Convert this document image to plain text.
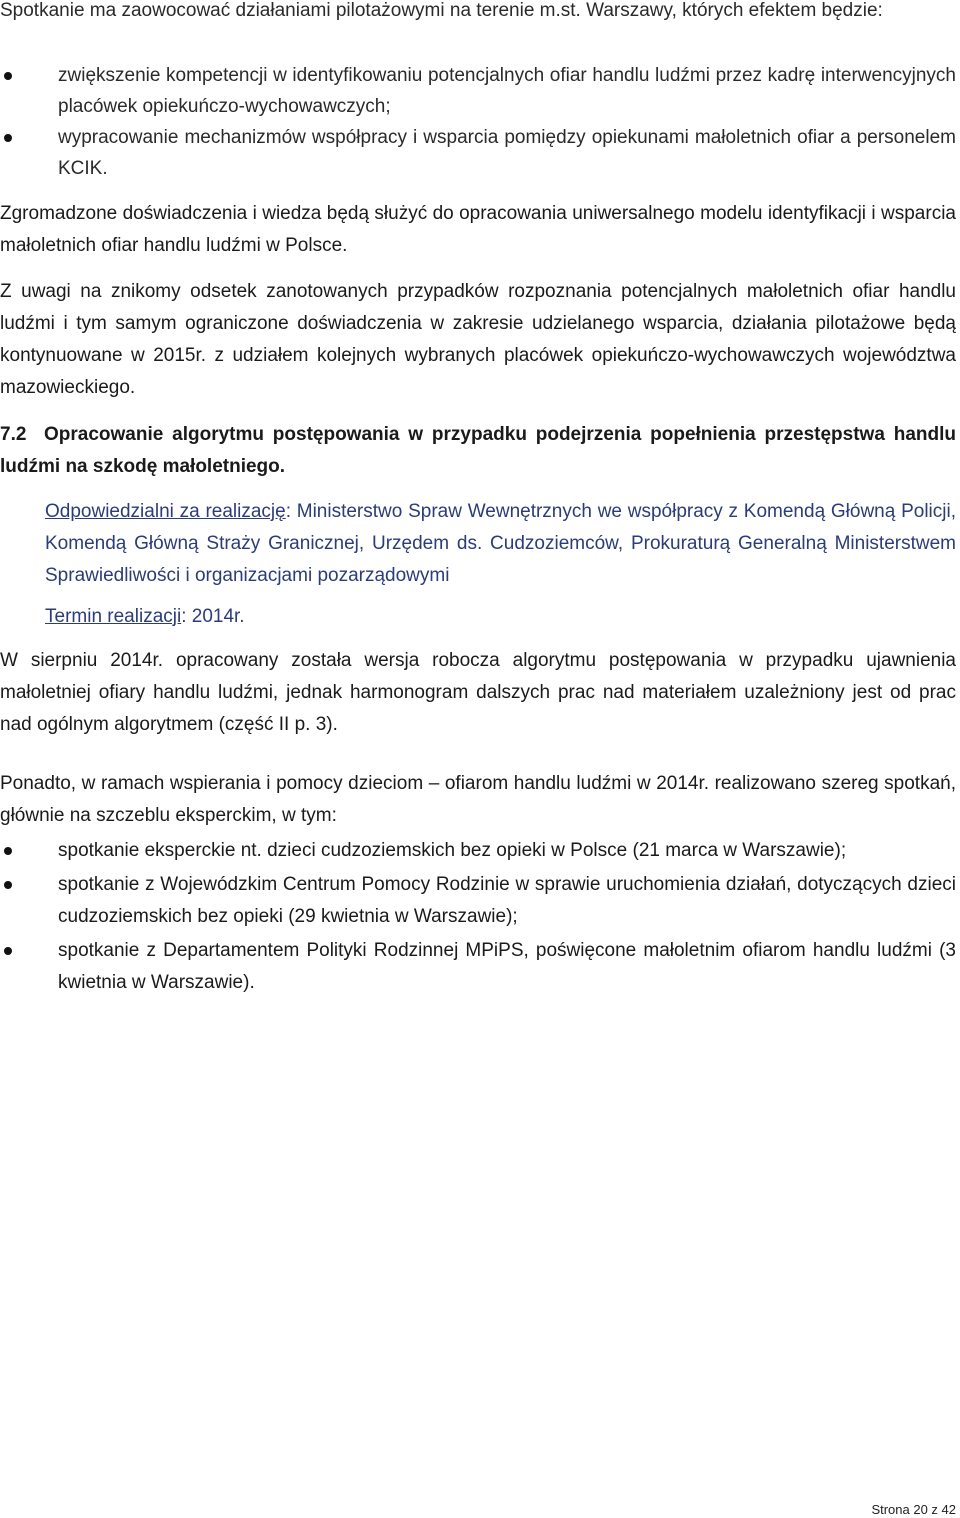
Spotkanie ma zaowocować działaniami pilotażowymi na terenie m.st. Warszawy, których efektem będzie:
zwiększenie kompetencji w identyfikowaniu potencjalnych ofiar handlu ludźmi przez kadrę interwencyjnych placówek opiekuńczo-wychowawczych;
wypracowanie mechanizmów współpracy i wsparcia pomiędzy opiekunami małoletnich ofiar a personelem KCIK.

Zgromadzone doświadczenia i wiedza będą służyć do opracowania uniwersalnego modelu identyfikacji i wsparcia małoletnich ofiar handlu ludźmi w Polsce.

Z uwagi na znikomy odsetek zanotowanych przypadków rozpoznania potencjalnych małoletnich ofiar handlu ludźmi i tym samym ograniczone doświadczenia w zakresie udzielanego wsparcia, działania pilotażowe będą kontynuowane w 2015r. z udziałem kolejnych wybranych placówek opiekuńczo-wychowawczych województwa mazowieckiego.

7.2 Opracowanie algorytmu postępowania w przypadku podejrzenia popełnienia przestępstwa handlu ludźmi na szkodę małoletniego.
Odpowiedzialni za realizację: Ministerstwo Spraw Wewnętrznych we współpracy z Komendą Główną Policji, Komendą Główną Straży Granicznej, Urzędem ds. Cudzoziemców, Prokuraturą Generalną Ministerstwem Sprawiedliwości i organizacjami pozarządowymi
Termin realizacji: 2014r.

W sierpniu 2014r. opracowany została wersja robocza algorytmu postępowania w przypadku ujawnienia małoletniej ofiary handlu ludźmi, jednak harmonogram dalszych prac nad materiałem uzależniony jest od prac nad ogólnym algorytmem (część II p. 3).

Ponadto, w ramach wspierania i pomocy dzieciom – ofiarom handlu ludźmi w 2014r. realizowano szereg spotkań, głównie na szczeblu eksperckim, w tym:

spotkanie eksperckie nt. dzieci cudzoziemskich bez opieki w Polsce (21 marca w Warszawie);
spotkanie z Wojewódzkim Centrum Pomocy Rodzinie w sprawie uruchomienia działań, dotyczących dzieci cudzoziemskich bez opieki (29 kwietnia w Warszawie);
spotkanie z Departamentem Polityki Rodzinnej MPiPS, poświęcone małoletnim ofiarom handlu ludźmi (3 kwietnia w Warszawie).
Strona 20 z 42
